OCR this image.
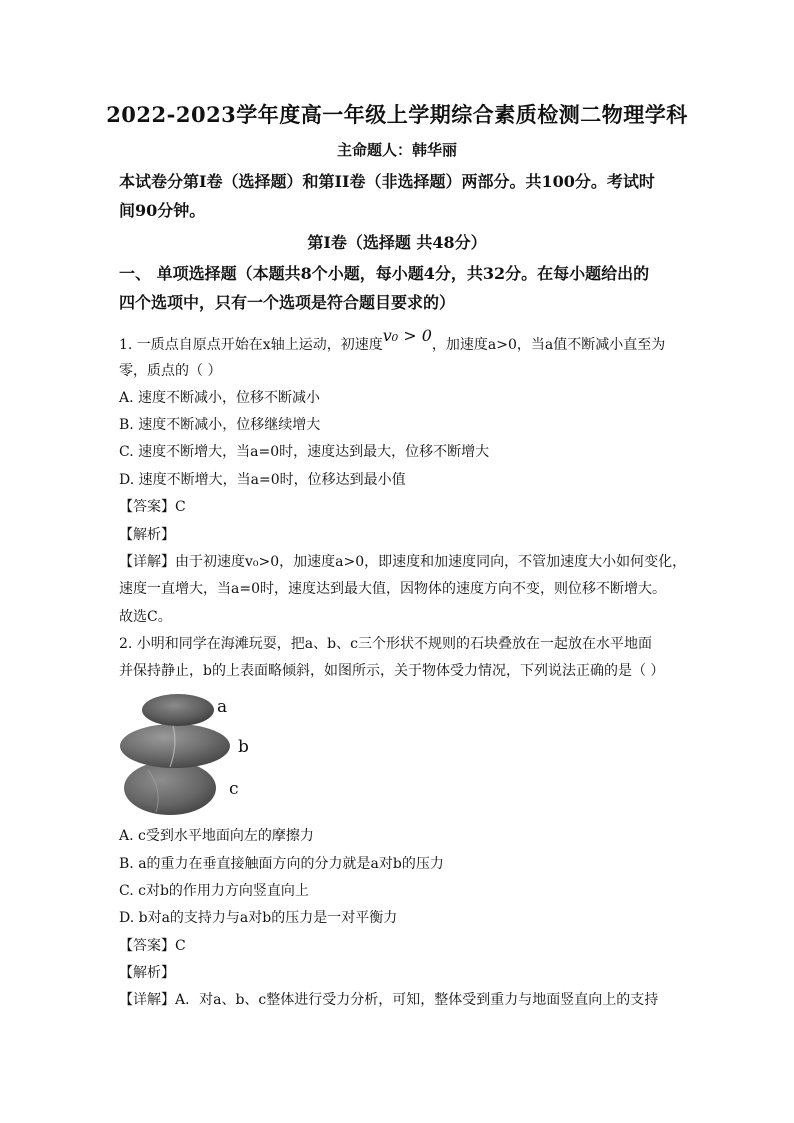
2022-2023学年度高一年级上学期综合素质检测二物理学科
主命题人：韩华丽
本试卷分第I卷（选择题）和第II卷（非选择题）两部分。共100分。考试时
间90分钟。
第I卷（选择题 共48分）
一、 单项选择题（本题共8个小题，每小题4分，共32分。在每小题给出的
四个选项中，只有一个选项是符合题目要求的）
1. 一质点自原点开始在x轴上运动，初速度v₀ > 0，加速度a>0，当a值不断减小直至为
零，质点的（ ）
A. 速度不断减小，位移不断减小
B. 速度不断减小，位移继续增大
C. 速度不断增大，当a=0时，速度达到最大，位移不断增大
D. 速度不断增大，当a=0时，位移达到最小值
【答案】C
【解析】
【详解】由于初速度v₀>0，加速度a>0，即速度和加速度同向，不管加速度大小如何变化，
速度一直增大，当a=0时，速度达到最大值，因物体的速度方向不变，则位移不断增大。
故选C。
2. 小明和同学在海滩玩耍，把a、b、c三个形状不规则的石块叠放在一起放在水平地面
并保持静止，b的上表面略倾斜，如图所示，关于物体受力情况，下列说法正确的是（ ）
a
b
c
A. c受到水平地面向左的摩擦力
B. a的重力在垂直接触面方向的分力就是a对b的压力
C. c对b的作用力方向竖直向上
D. b对a的支持力与a对b的压力是一对平衡力
【答案】C
【解析】
【详解】A．对a、b、c整体进行受力分析，可知，整体受到重力与地面竖直向上的支持
